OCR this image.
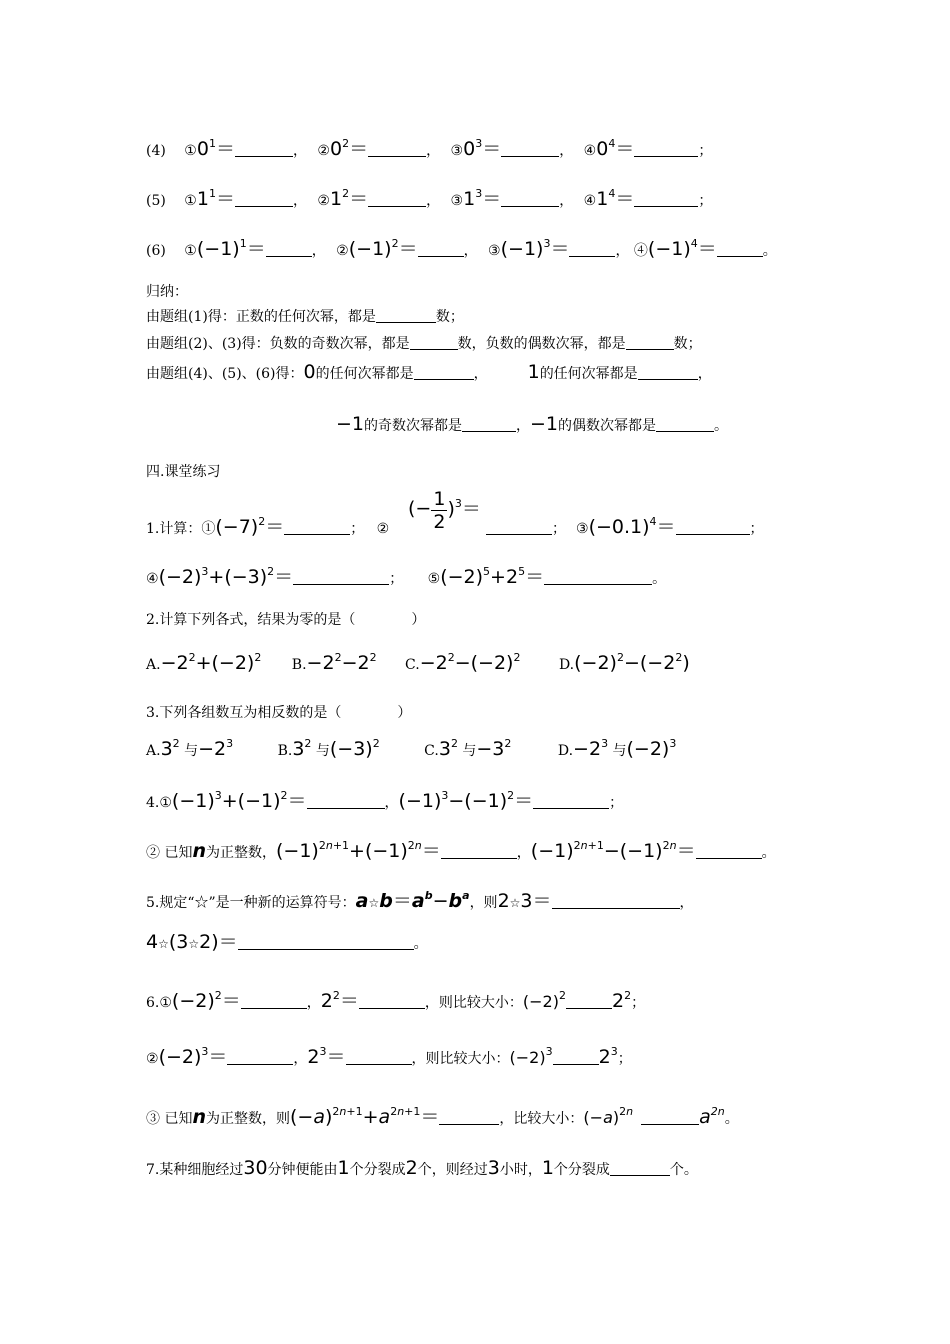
(4) $①0^1=$	， $②0^2=$	， $③0^3=$	， $④0^4=$	；
(5) $①1^1=$	， $②1^2=$	， $③1^3=$	， $④1^4=$	；
(6) $①(-1)^1=$	， $②(-1)^2=$	， $③(-1)^3=$	， $④(-1)^4=$	。
归纳：
由题组(1)得：正数的任何次幂，都是	数；
由题组(2)、(3)得：负数的奇数次幂，都是	数，负数的偶数次幂，都是	数；
由题组(4)、(5)、(6)得：0的任何次幂都是	， 1的任何次幂都是	，
−1的奇数次幂都是	，−1的偶数次幂都是	。
四.课堂练习
1.计算：$①(-7)^2=$	； ②
(− $\frac{1}{2} )^3=$
； $③(-0.1)^4=$	；
$④(-2)^3+(-3)^2=$	； $⑤(-2)^5+2^5=$	。
2.计算下列各式，结果为零的是（　　　　）
$A.-2^2+(-2)^2$ $B.-2^2-2^2$ $C.-2^2-(-2)^2$	$D.(-2)^2-(-2^2)$
3.下列各组数互为相反数的是（　　　　）
$A.3^2$ 与$-2^3$	$B.3^2$ 与$(-3)^2$	$C.3^2$ 与$-3^2$	$D.-2^3$ 与$(-2)^3$
$4.①(-1)^3+(-1)^2=$	，$(-1)^3-(-1)^2=$	；
② 已知n为正整数，$(-1)^{2n+1}+(-1)^{2n}=$	，$(-1)^{2n+1}-(-1)^{2n}=$	。
5.规定“☆”是一种新的运算符号：$a☆b=a^b-b^a$，则2☆3＝	，
4☆(3☆2)＝	。
$6.①(-2)^2=$	，$2^2=$	，则比较大小：$(-2)^2$ $2^2$；
$②(-2)^3=$	，$2^3=$	，则比较大小：$(-2)^3$ $2^3$；
③ 已知n为正整数，则$(-a)^{2n+1}+a^{2n+1}=$	，比较大小：$(-a)^{2n}$	$a^{2n}$。
7.某种细胞经过30分钟便能由1个分裂成2个，则经过3小时，1个分裂成	个。
